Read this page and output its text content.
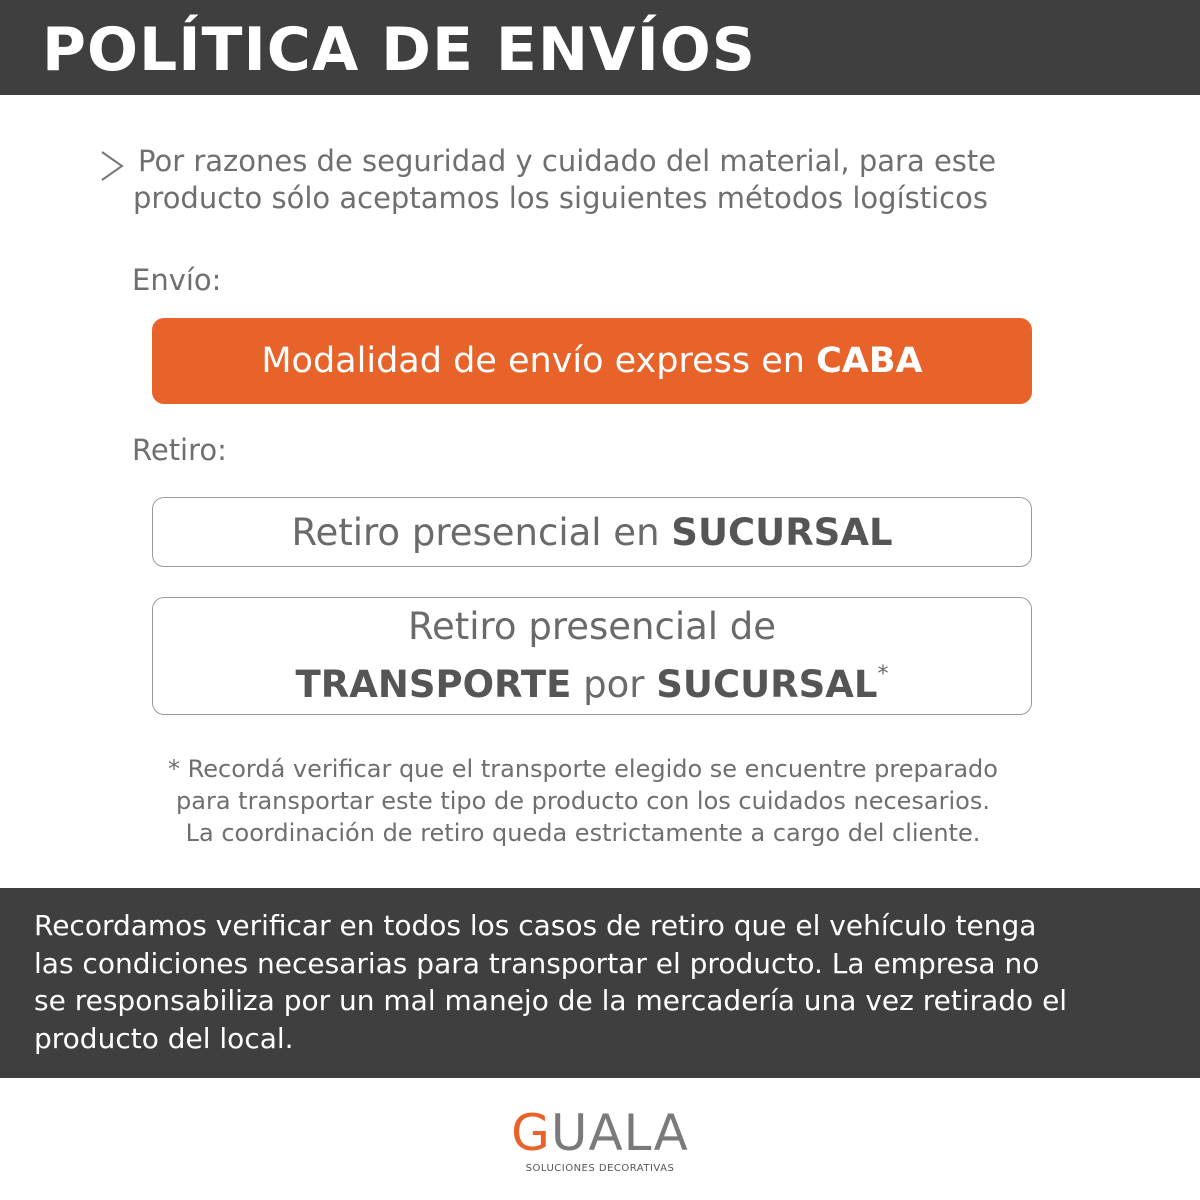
POLÍTICA DE ENVÍOS
Por razones de seguridad y cuidado del material, para este
producto sólo aceptamos los siguientes métodos logísticos
Envío:
Modalidad de envío express en CABA
Retiro:
Retiro presencial en SUCURSAL
Retiro presencial de
TRANSPORTE por SUCURSAL*
* Recordá verificar que el transporte elegido se encuentre preparado
para transportar este tipo de producto con los cuidados necesarios.
La coordinación de retiro queda estrictamente a cargo del cliente.
Recordamos verificar en todos los casos de retiro que el vehículo tenga
las condiciones necesarias para transportar el producto. La empresa no
se responsabiliza por un mal manejo de la mercadería una vez retirado el
producto del local.
GUALA
SOLUCIONES DECORATIVAS
